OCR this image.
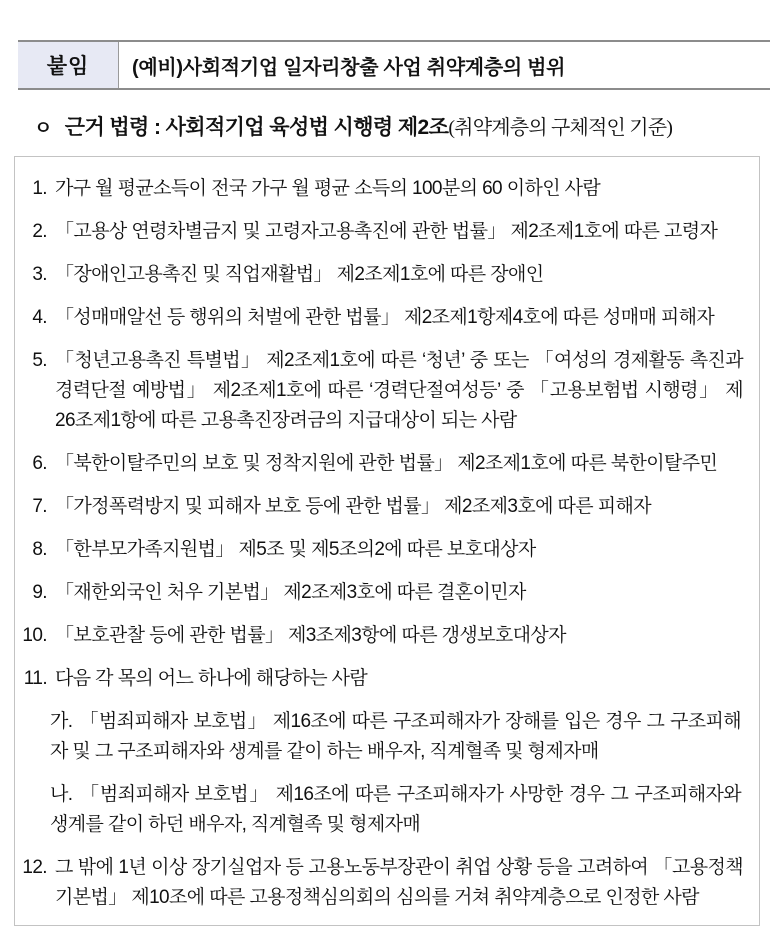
붙임	(예비)사회적기업 일자리창출 사업 취약계층의 범위
ㅇ 근거 법령 : 사회적기업 육성법 시행령 제2조(취약계층의 구체적인 기준)
1. 가구 월 평균소득이 전국 가구 월 평균 소득의 100분의 60 이하인 사람
2. 「고용상 연령차별금지 및 고령자고용촉진에 관한 법률」 제2조제1호에 따른 고령자
3. 「장애인고용촉진 및 직업재활법」 제2조제1호에 따른 장애인
4. 「성매매알선 등 행위의 처벌에 관한 법률」 제2조제1항제4호에 따른 성매매 피해자
5. 「청년고용촉진 특별법」 제2조제1호에 따른 ‘청년’ 중 또는 「여성의 경제활동 촉진과 경력단절 예방법」 제2조제1호에 따른 ‘경력단절여성등’ 중 「고용보험법 시행령」 제26조제1항에 따른 고용촉진장려금의 지급대상이 되는 사람
6. 「북한이탈주민의 보호 및 정착지원에 관한 법률」 제2조제1호에 따른 북한이탈주민
7. 「가정폭력방지 및 피해자 보호 등에 관한 법률」 제2조제3호에 따른 피해자
8. 「한부모가족지원법」 제5조 및 제5조의2에 따른 보호대상자
9. 「재한외국인 처우 기본법」 제2조제3호에 따른 결혼이민자
10. 「보호관찰 등에 관한 법률」 제3조제3항에 따른 갱생보호대상자
11. 다음 각 목의 어느 하나에 해당하는 사람
가. 「범죄피해자 보호법」 제16조에 따른 구조피해자가 장해를 입은 경우 그 구조피해자 및 그 구조피해자와 생계를 같이 하는 배우자, 직계혈족 및 형제자매
나. 「범죄피해자 보호법」 제16조에 따른 구조피해자가 사망한 경우 그 구조피해자와 생계를 같이 하던 배우자, 직계혈족 및 형제자매
12. 그 밖에 1년 이상 장기실업자 등 고용노동부장관이 취업 상황 등을 고려하여 「고용정책기본법」 제10조에 따른 고용정책심의회의 심의를 거쳐 취약계층으로 인정한 사람
